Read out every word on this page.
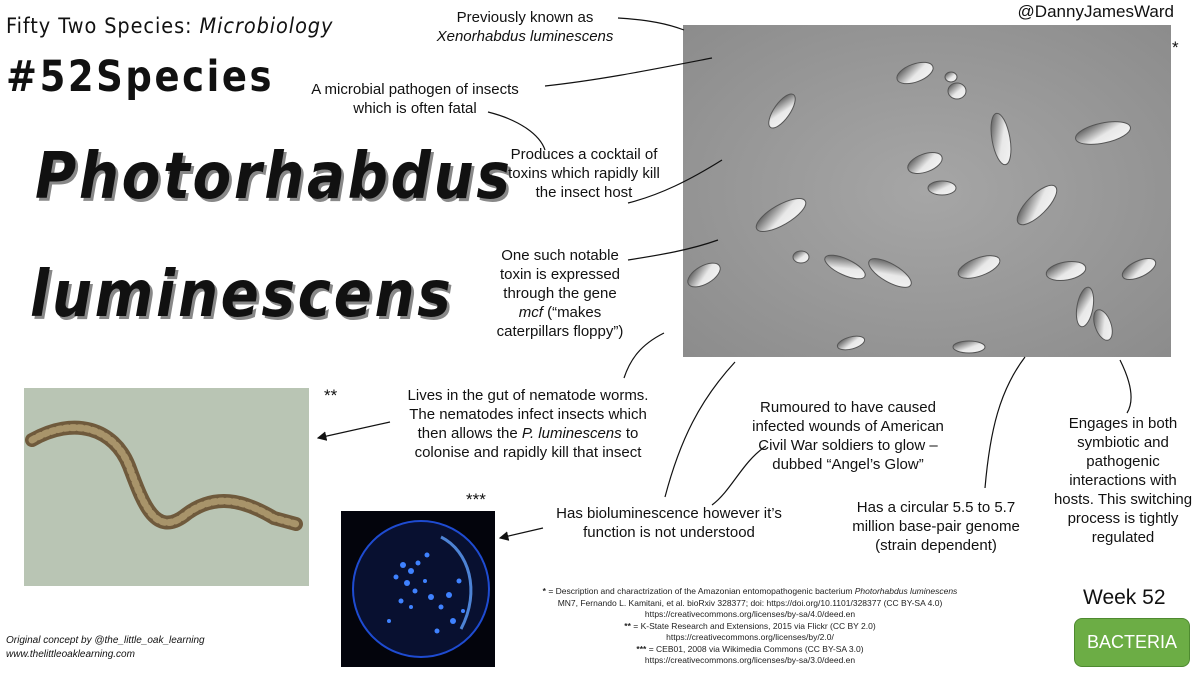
Fifty Two Species: Microbiology
#52Species
Photorhabdus
luminescens
@DannyJamesWard
*
**
***
Previously known as
Xenorhabdus luminescens
A microbial pathogen of insects
which is often fatal
Produces a cocktail of
toxins which rapidly kill
the insect host
One such notable
toxin is expressed
through the gene
mcf (“makes
caterpillars floppy”)
Lives in the gut of nematode worms.
The nematodes infect insects which
then allows the P. luminescens to
colonise and rapidly kill that insect
Rumoured to have caused
infected wounds of American
Civil War soldiers to glow –
dubbed “Angel’s Glow”
Has bioluminescence however it’s
function is not understood
Has a circular 5.5 to 5.7
million base-pair genome
(strain dependent)
Engages in both
symbiotic and
pathogenic
interactions with
hosts. This switching
process is tightly
regulated
* = Description and charactrization of the Amazonian entomopathogenic bacterium Photorhabdus luminescens
MN7, Fernando L. Kamitani, et al. bioRxiv 328377; doi: https://doi.org/10.1101/328377 (CC BY-SA 4.0)
https://creativecommons.org/licenses/by-sa/4.0/deed.en
** = K-State Research and Extensions, 2015 via Flickr (CC BY 2.0)
https://creativecommons.org/licenses/by/2.0/
*** = CEB01, 2008 via Wikimedia Commons (CC BY-SA 3.0)
https://creativecommons.org/licenses/by-sa/3.0/deed.en
Original concept by @the_little_oak_learning
www.thelittleoaklearning.com
Week 52
BACTERIA
